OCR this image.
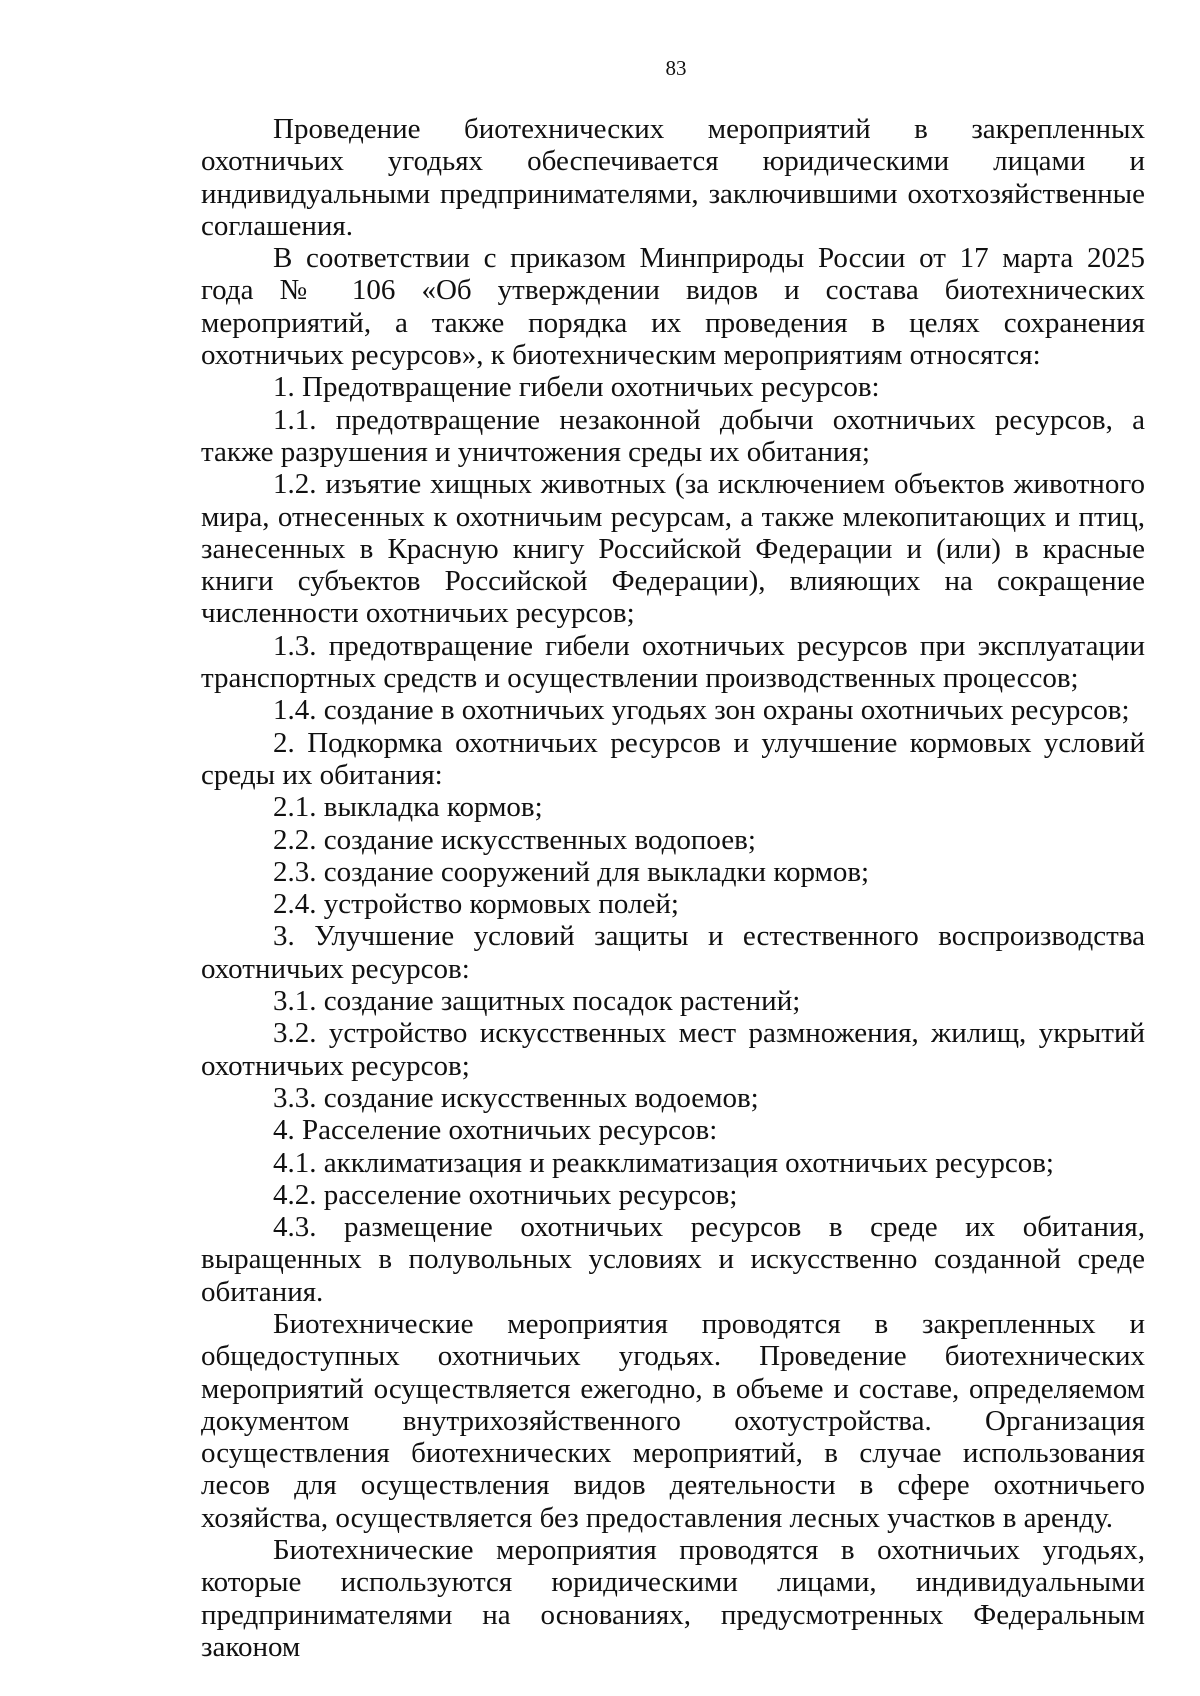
83

Проведение биотехнических мероприятий в закрепленных охотничьих угодьях обеспечивается юридическими лицами и индивидуальными предпринимателями, заключившими охотхозяйственные соглашения.

В соответствии с приказом Минприроды России от 17 марта 2025 года № 106 «Об утверждении видов и состава биотехнических мероприятий, а также порядка их проведения в целях сохранения охотничьих ресурсов», к биотехническим мероприятиям относятся:

1. Предотвращение гибели охотничьих ресурсов:

1.1. предотвращение незаконной добычи охотничьих ресурсов, а также разрушения и уничтожения среды их обитания;

1.2. изъятие хищных животных (за исключением объектов животного мира, отнесенных к охотничьим ресурсам, а также млекопитающих и птиц, занесенных в Красную книгу Российской Федерации и (или) в красные книги субъектов Российской Федерации), влияющих на сокращение численности охотничьих ресурсов;

1.3. предотвращение гибели охотничьих ресурсов при эксплуатации транспортных средств и осуществлении производственных процессов;

1.4. создание в охотничьих угодьях зон охраны охотничьих ресурсов;

2. Подкормка охотничьих ресурсов и улучшение кормовых условий среды их обитания:

2.1. выкладка кормов;

2.2. создание искусственных водопоев;

2.3. создание сооружений для выкладки кормов;

2.4. устройство кормовых полей;

3. Улучшение условий защиты и естественного воспроизводства охотничьих ресурсов:

3.1. создание защитных посадок растений;

3.2. устройство искусственных мест размножения, жилищ, укрытий охотничьих ресурсов;

3.3. создание искусственных водоемов;

4. Расселение охотничьих ресурсов:

4.1. акклиматизация и реакклиматизация охотничьих ресурсов;

4.2. расселение охотничьих ресурсов;

4.3. размещение охотничьих ресурсов в среде их обитания, выращенных в полувольных условиях и искусственно созданной среде обитания.

Биотехнические мероприятия проводятся в закрепленных и общедоступных охотничьих угодьях. Проведение биотехнических мероприятий осуществляется ежегодно, в объеме и составе, определяемом документом внутрихозяйственного охотустройства. Организация осуществления биотехнических мероприятий, в случае использования лесов для осуществления видов деятельности в сфере охотничьего хозяйства, осуществляется без предоставления лесных участков в аренду.

Биотехнические мероприятия проводятся в охотничьих угодьях, которые используются юридическими лицами, индивидуальными предпринимателями на основаниях, предусмотренных Федеральным законом
